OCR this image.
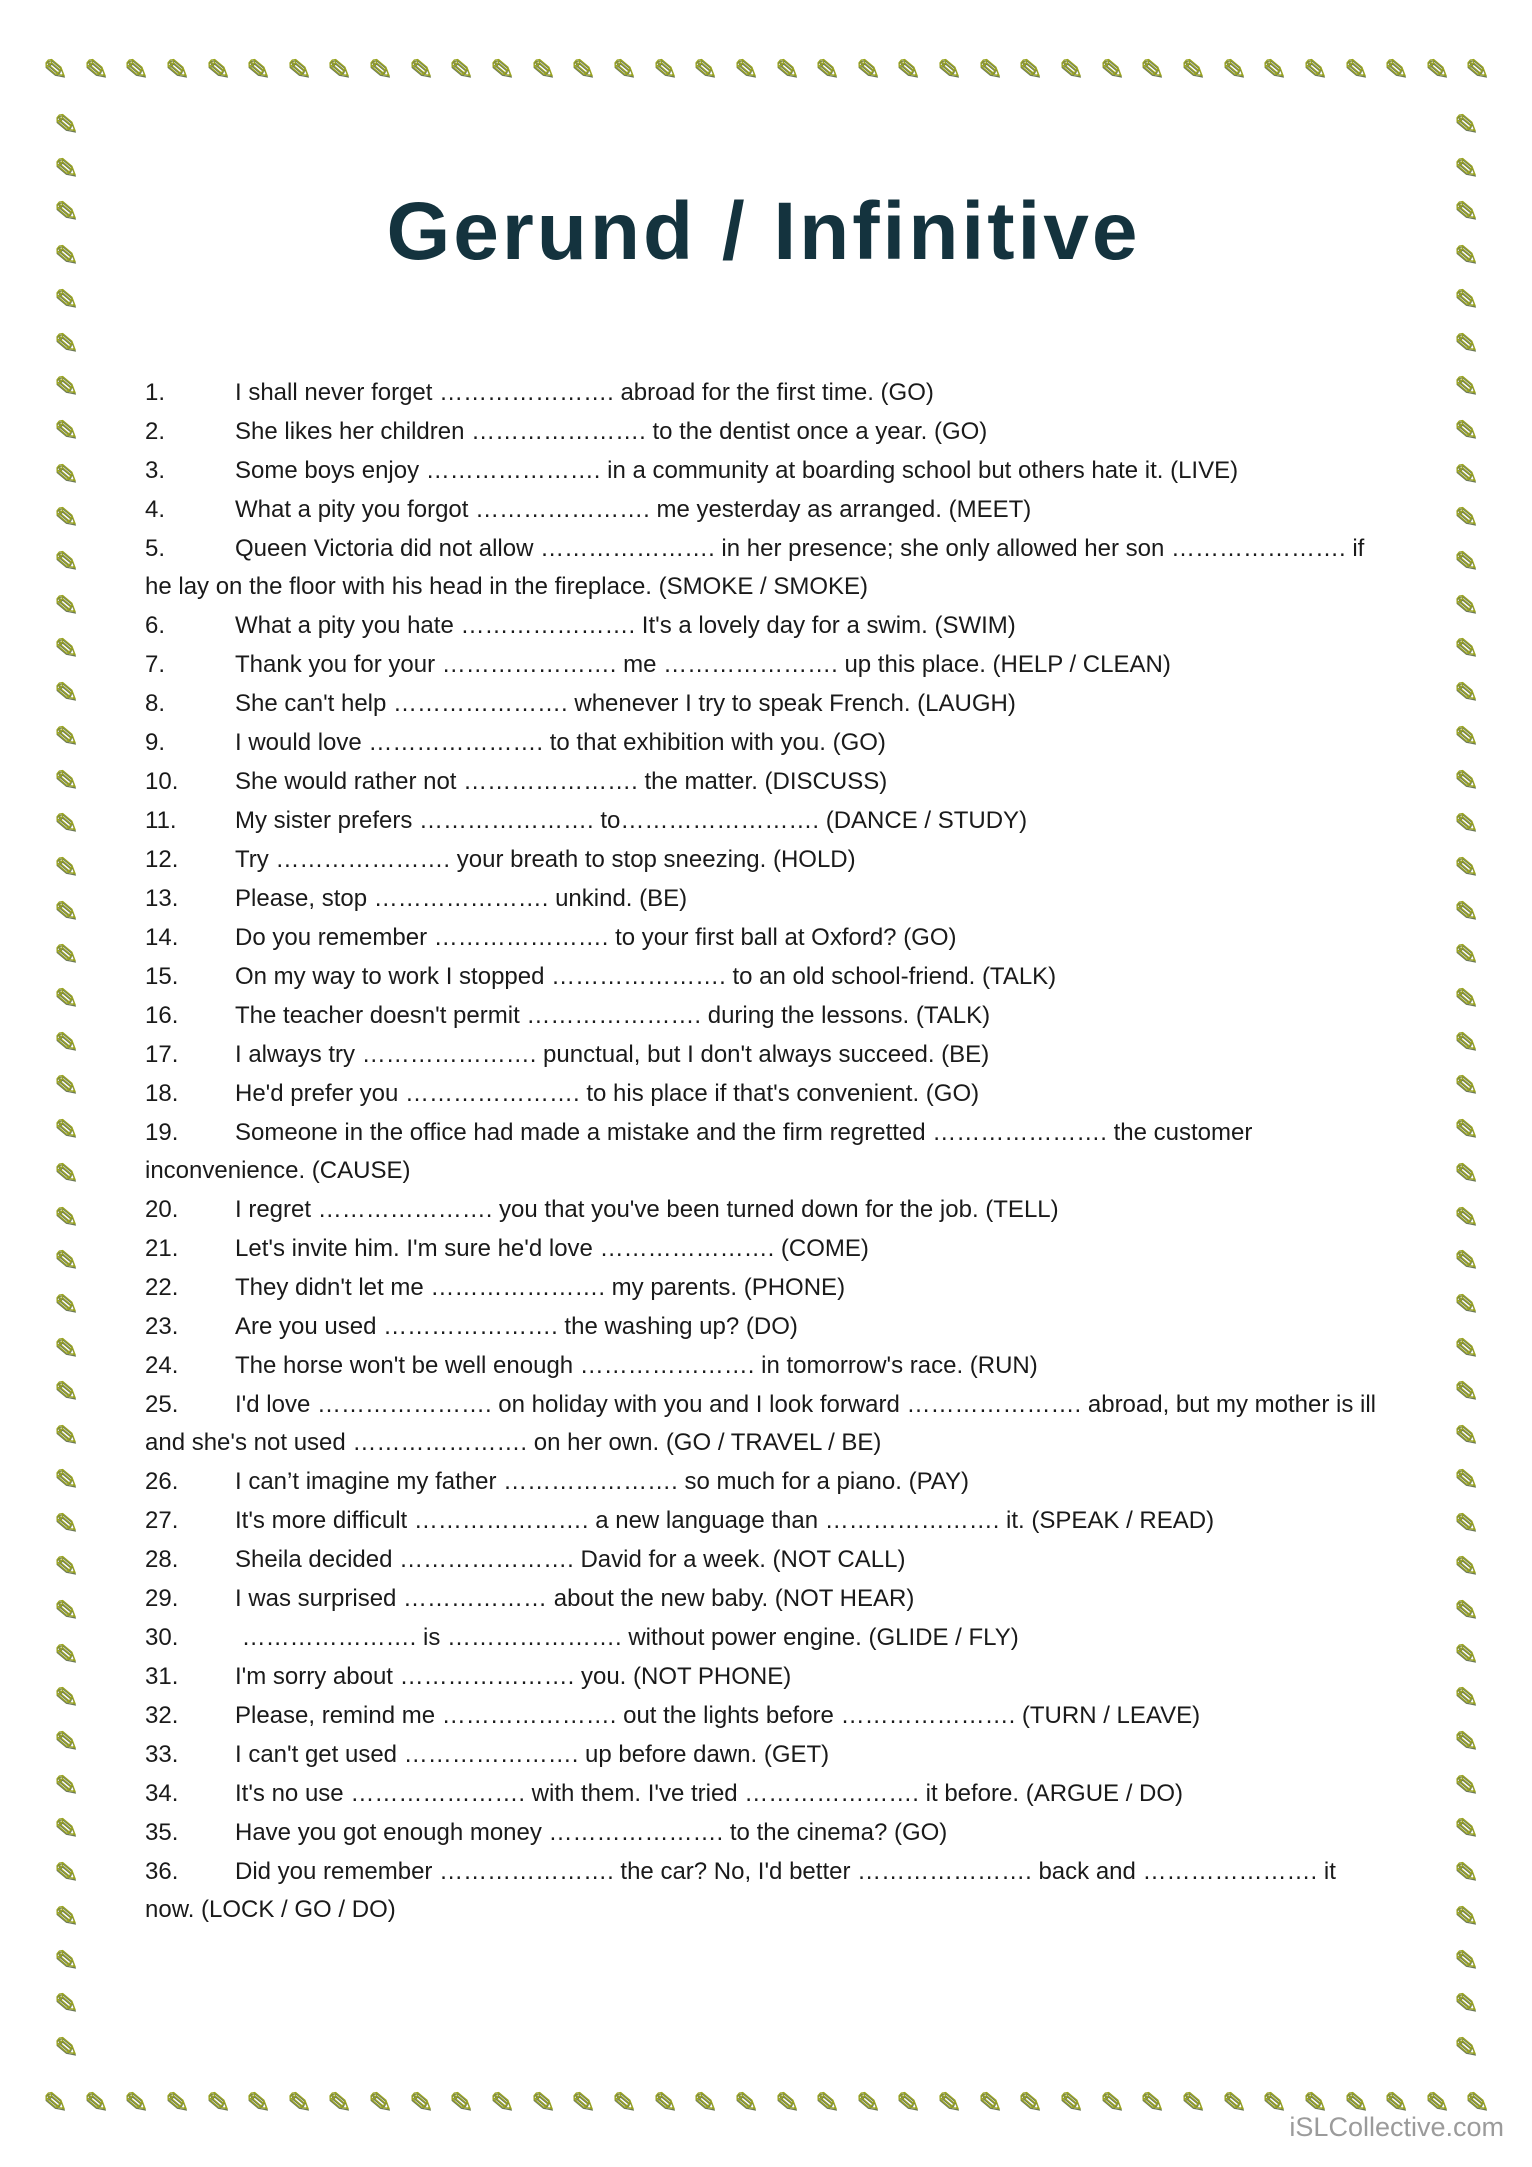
✏ ✏ ✏ ✏ ✏ ✏ ✏ ✏ ✏ ✏ ✏ ✏ ✏ ✏ ✏ ✏ ✏ ✏ ✏ ✏ ✏ ✏ ✏ ✏ ✏ ✏ ✏ ✏ ✏ ✏ ✏ ✏ ✏ ✏ ✏ ✏
✏
✏
✏
✏
✏
✏
✏
✏
✏
✏
✏
✏
✏
✏
✏
✏
✏
✏
✏
✏
✏
✏
✏
✏
✏
✏
✏
✏
✏
✏
✏
✏
✏
✏
✏
✏
✏
✏
✏
✏
✏
✏
✏
✏
✏
✏
✏
✏
✏
✏
✏
✏
✏
✏
✏
✏
✏
✏
✏
✏
✏
✏
✏
✏
✏
✏
✏
✏
✏
✏
✏
✏
✏
✏
✏
✏
✏
✏
✏
✏
✏
✏
✏
✏
✏
✏
✏
✏
✏
✏
✏ ✏ ✏ ✏ ✏ ✏ ✏ ✏ ✏ ✏ ✏ ✏ ✏ ✏ ✏ ✏ ✏ ✏ ✏ ✏ ✏ ✏ ✏ ✏ ✏ ✏ ✏ ✏ ✏ ✏ ✏ ✏ ✏ ✏ ✏ ✏
Gerund / Infinitive
1.	I shall never forget …………………. abroad for the first time. (GO)
2.	She likes her children …………………. to the dentist once a year. (GO)
3.	Some boys enjoy …………………. in a community at boarding school but others hate it. (LIVE)
4.	What a pity you forgot …………………. me yesterday as arranged. (MEET)
5.	Queen Victoria did not allow …………………. in her presence; she only allowed her son …………………. if he lay on the floor with his head in the fireplace. (SMOKE / SMOKE)
6.	What a pity you hate …………………. It's a lovely day for a swim. (SWIM)
7.	Thank you for your …………………. me …………………. up this place. (HELP / CLEAN)
8.	She can't help …………………. whenever I try to speak French. (LAUGH)
9.	I would love …………………. to that exhibition with you. (GO)
10. She would rather not …………………. the matter. (DISCUSS)
11. My sister prefers …………………. to……………………. (DANCE / STUDY)
12. Try …………………. your breath to stop sneezing. (HOLD)
13. Please, stop …………………. unkind. (BE)
14. Do you remember …………………. to your first ball at Oxford? (GO)
15. On my way to work I stopped …………………. to an old school-friend. (TALK)
16. The teacher doesn't permit …………………. during the lessons. (TALK)
17. I always try …………………. punctual, but I don't always succeed. (BE)
18. He'd prefer you …………………. to his place if that's convenient. (GO)
19. Someone in the office had made a mistake and the firm regretted …………………. the customer inconvenience. (CAUSE)
20. I regret …………………. you that you've been turned down for the job. (TELL)
21. Let's invite him. I'm sure he'd love …………………. (COME)
22. They didn't let me …………………. my parents. (PHONE)
23. Are you used …………………. the washing up? (DO)
24. The horse won't be well enough …………………. in tomorrow's race. (RUN)
25. I'd love …………………. on holiday with you and I look forward …………………. abroad, but my mother is ill and she's not used …………………. on her own. (GO / TRAVEL / BE)
26. I can’t imagine my father …………………. so much for a piano. (PAY)
27. It's more difficult …………………. a new language than …………………. it. (SPEAK / READ)
28. Sheila decided …………………. David for a week. (NOT CALL)
29. I was surprised ……………… about the new baby. (NOT HEAR)
30. …………………. is …………………. without power engine. (GLIDE / FLY)
31. I'm sorry about …………………. you. (NOT PHONE)
32. Please, remind me …………………. out the lights before …………………. (TURN / LEAVE)
33. I can't get used …………………. up before dawn. (GET)
34. It's no use …………………. with them. I've tried …………………. it before. (ARGUE / DO)
35. Have you got enough money …………………. to the cinema? (GO)
36. Did you remember …………………. the car? No, I'd better …………………. back and …………………. it now. (LOCK / GO / DO)
iSLCollective.com
